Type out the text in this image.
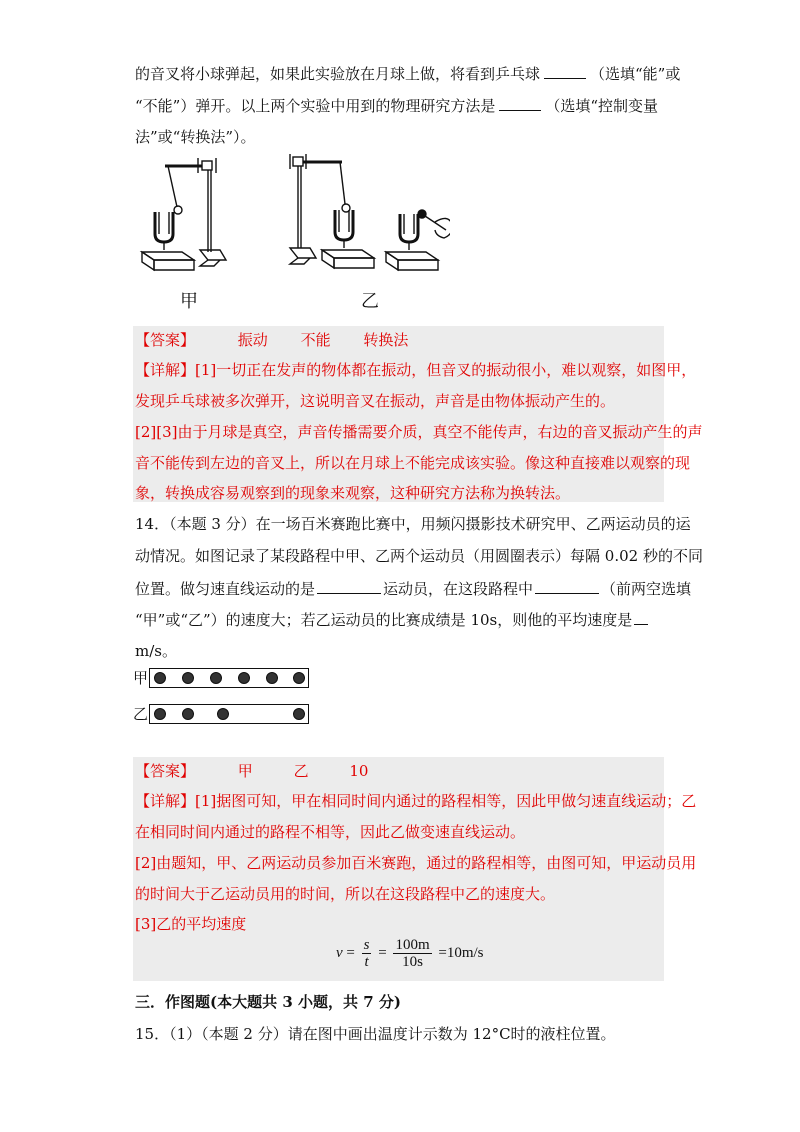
的音叉将小球弹起，如果此实验放在月球上做，将看到乒乓球	（选填“能”或
“不能”）弹开。以上两个实验中用到的物理研究方法是	（选填“控制变量
法”或“转换法”）。
甲	乙
【答案】	振动 不能 转换法
【详解】[1]一切正在发声的物体都在振动，但音叉的振动很小，难以观察，如图甲，
发现乒乓球被多次弹开，这说明音叉在振动，声音是由物体振动产生的。
[2][3]由于月球是真空，声音传播需要介质，真空不能传声，右边的音叉振动产生的声
音不能传到左边的音叉上，所以在月球上不能完成该实验。像这种直接难以观察的现
象，转换成容易观察到的现象来观察，这种研究方法称为换转法。
14．（本题 3 分）在一场百米赛跑比赛中，用频闪摄影技术研究甲、乙两运动员的运
动情况。如图记录了某段路程中甲、乙两个运动员（用圆圈表示）每隔 0.02 秒的不同
位置。做匀速直线运动的是	运动员，在这段路程中	（前两空选填
“甲”或“乙”）的速度大；若乙运动员的比赛成绩是 10s，则他的平均速度是
m/s。
甲
乙
【答案】	甲	乙	10
【详解】[1]据图可知，甲在相同时间内通过的路程相等，因此甲做匀速直线运动；乙
在相同时间内通过的路程不相等，因此乙做变速直线运动。
[2]由题知，甲、乙两运动员参加百米赛跑，通过的路程相等，由图可知，甲运动员用
的时间大于乙运动员用的时间，所以在这段路程中乙的速度大。
[3]乙的平均速度
$v = \frac{s}{t} = \frac{100m}{10s} =10m/s$
三．作图题(本大题共 3 小题，共 7 分)
15．（1）（本题 2 分）请在图中画出温度计示数为 12°C时的液柱位置。
